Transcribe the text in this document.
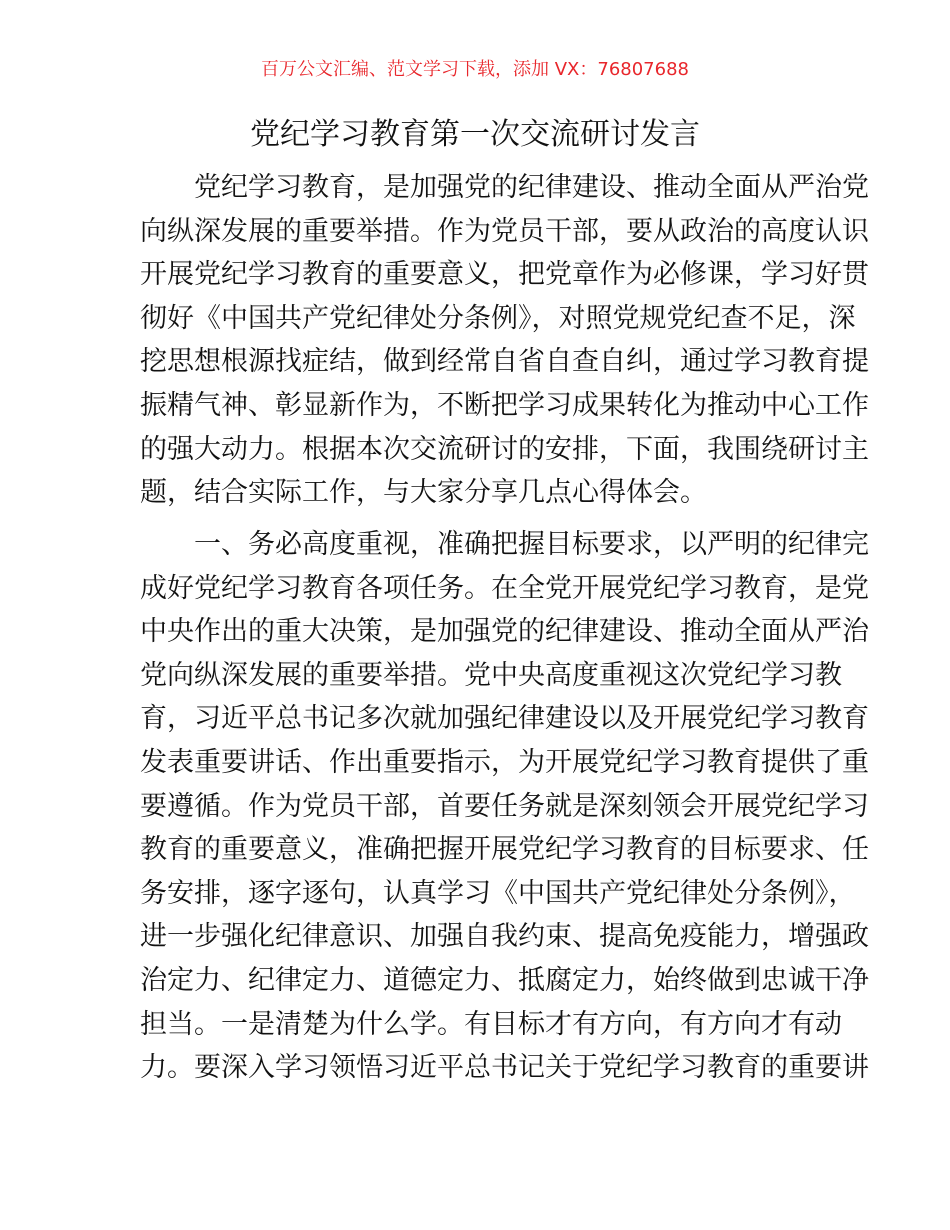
百万公文汇编、范文学习下载，添加 VX：76807688
党纪学习教育第一次交流研讨发言
　　党纪学习教育，是加强党的纪律建设、推动全面从严治党
向纵深发展的重要举措。作为党员干部，要从政治的高度认识
开展党纪学习教育的重要意义，把党章作为必修课，学习好贯
彻好《中国共产党纪律处分条例》，对照党规党纪查不足，深
挖思想根源找症结，做到经常自省自查自纠，通过学习教育提
振精气神、彰显新作为，不断把学习成果转化为推动中心工作
的强大动力。根据本次交流研讨的安排，下面，我围绕研讨主
题，结合实际工作，与大家分享几点心得体会。
　　一、务必高度重视，准确把握目标要求，以严明的纪律完
成好党纪学习教育各项任务。在全党开展党纪学习教育，是党
中央作出的重大决策，是加强党的纪律建设、推动全面从严治
党向纵深发展的重要举措。党中央高度重视这次党纪学习教
育，习近平总书记多次就加强纪律建设以及开展党纪学习教育
发表重要讲话、作出重要指示，为开展党纪学习教育提供了重
要遵循。作为党员干部，首要任务就是深刻领会开展党纪学习
教育的重要意义，准确把握开展党纪学习教育的目标要求、任
务安排，逐字逐句，认真学习《中国共产党纪律处分条例》，
进一步强化纪律意识、加强自我约束、提高免疫能力，增强政
治定力、纪律定力、道德定力、抵腐定力，始终做到忠诚干净
担当。一是清楚为什么学。有目标才有方向，有方向才有动
力。要深入学习领悟习近平总书记关于党纪学习教育的重要讲
